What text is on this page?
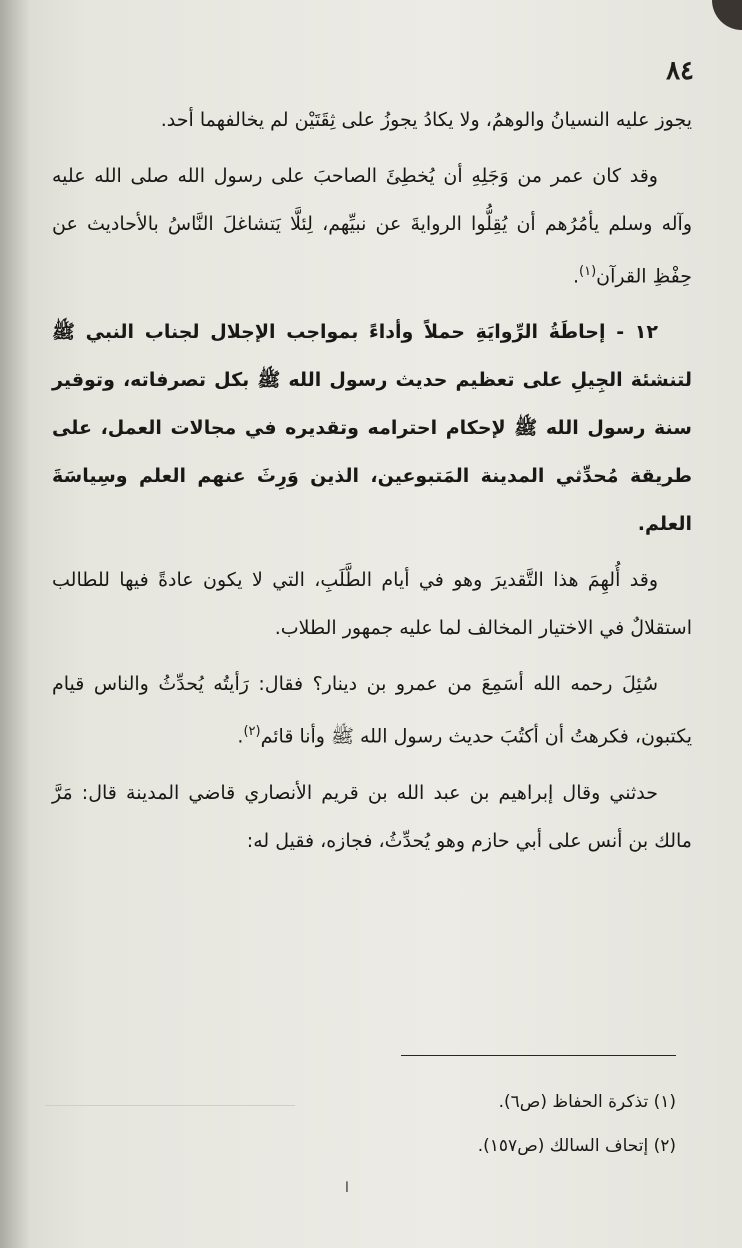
٨٤

يجوز عليه النسيانُ والوهمُ، ولا يكادُ يجوزُ على ثِقَتَيْن لم يخالفهما أحد.

وقد كان عمر من وَجَلِهِ أن يُخطِئَ الصاحبَ على رسول الله صلى الله عليه وآله وسلم يأمُرُهم أن يُقِلُّوا الروايةَ عن نبيِّهم، لِئلَّا يَتشاغلَ النَّاسُ بالأحاديث عن حِفْظِ القرآن$^{(١)}$.

١٢ - إحاطَةُ الرِّوايَةِ حملاً وأداءً بمواجب الإجلال لجناب النبي ﷺ لتنشئة الجِيلِ على تعظيم حديث رسول الله ﷺ بكل تصرفاته، وتوقير سنة رسول الله ﷺ لإحكام احترامه وتقديره في مجالات العمل، على طريقة مُحدِّثي المدينة المَتبوعين، الذين وَرِثَ عنهم العلم وسِياسَةَ العلم.

وقد أُلهِمَ هذا التَّقديرَ وهو في أيام الطَّلَبِ، التي لا يكون عادةً فيها للطالب استقلالٌ في الاختيار المخالف لما عليه جمهور الطلاب.

سُئِلَ رحمه الله أسَمِعَ من عمرو بن دينار؟ فقال: رَأيتُه يُحدِّثُ والناس قيام يكتبون، فكرهتُ أن أكتُبَ حديث رسول الله ﷺ وأنا قائم$^{(٢)}$.

حدثني وقال إبراهيم بن عبد الله بن قريم الأنصاري قاضي المدينة قال: مَرَّ مالك بن أنس على أبي حازم وهو يُحدِّثُ، فجازه، فقيل له:

(١) تذكرة الحفاظ (ص٦).

(٢) إتحاف السالك (ص١٥٧).

ا
